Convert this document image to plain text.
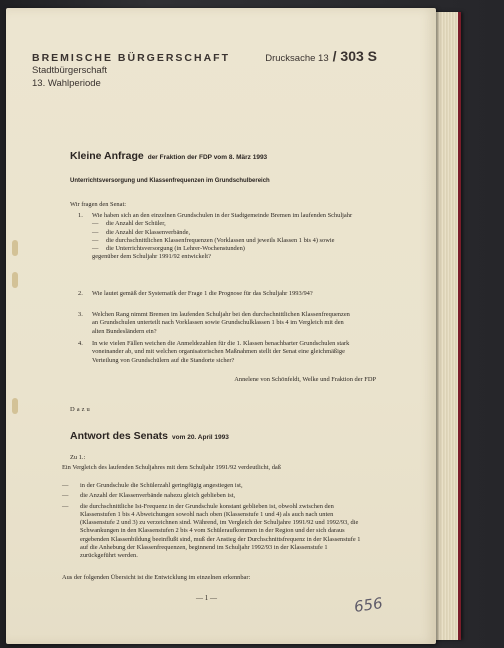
BREMISCHE BÜRGERSCHAFT
Stadtbürgerschaft
13. Wahlperiode
Drucksache 13 / 303 S
Kleine Anfrage der Fraktion der FDP vom 8. März 1993
Unterrichtsversorgung und Klassenfrequenzen im Grundschulbereich
Wir fragen den Senat:
1. Wie haben sich an den einzelnen Grundschulen in der Stadtgemeinde Bremen im laufenden Schuljahr
— die Anzahl der Schüler,
— die Anzahl der Klassenverbände,
— die durchschnittlichen Klassenfrequenzen (Vorklassen und jeweils Klassen 1 bis 4) sowie
— die Unterrichtsversorgung (in Lehrer-Wochenstunden)
gegenüber dem Schuljahr 1991/92 entwickelt?
2. Wie lautet gemäß der Systematik der Frage 1 die Prognose für das Schuljahr 1993/94?
3. Welchen Rang nimmt Bremen im laufenden Schuljahr bei den durchschnittlichen Klassenfrequenzen an Grundschulen unterteilt nach Vorklassen sowie Grundschulklassen 1 bis 4 im Vergleich mit den alten Bundesländern ein?
4. In wie vielen Fällen weichen die Anmeldezahlen für die 1. Klassen benachbarter Grundschulen stark voneinander ab, und mit welchen organisatorischen Maßnahmen stellt der Senat eine gleichmäßige Verteilung von Grundschülern auf die Standorte sicher?
Annelene von Schönfeldt, Welke und Fraktion der FDP
Dazu
Antwort des Senats vom 20. April 1993
Zu 1.:
Ein Vergleich des laufenden Schuljahres mit dem Schuljahr 1991/92 verdeutlicht, daß
— in der Grundschule die Schülerzahl geringfügig angestiegen ist,
— die Anzahl der Klassenverbände nahezu gleich geblieben ist,
— die durchschnittliche Ist-Frequenz in der Grundschule konstant geblieben ist, obwohl zwischen den Klassenstufen 1 bis 4 Abweichungen sowohl nach oben (Klassenstufe 1 und 4) als auch nach unten (Klassenstufe 2 und 3) zu verzeichnen sind. Während, im Vergleich der Schuljahre 1991/92 und 1992/93, die Schwankungen in den Klassenstufen 2 bis 4 vom Schüleraufkommen in der Region und der sich daraus ergebenden Klassenbildung beeinflußt sind, muß der Anstieg der Durchschnittsfrequenz in der Klassenstufe 1 auf die Anhebung der Klassenfrequenzen, beginnend im Schuljahr 1992/93 in der Klassenstufe 1 zurückgeführt werden.
Aus der folgenden Übersicht ist die Entwicklung im einzelnen erkennbar:
— 1 —	656
